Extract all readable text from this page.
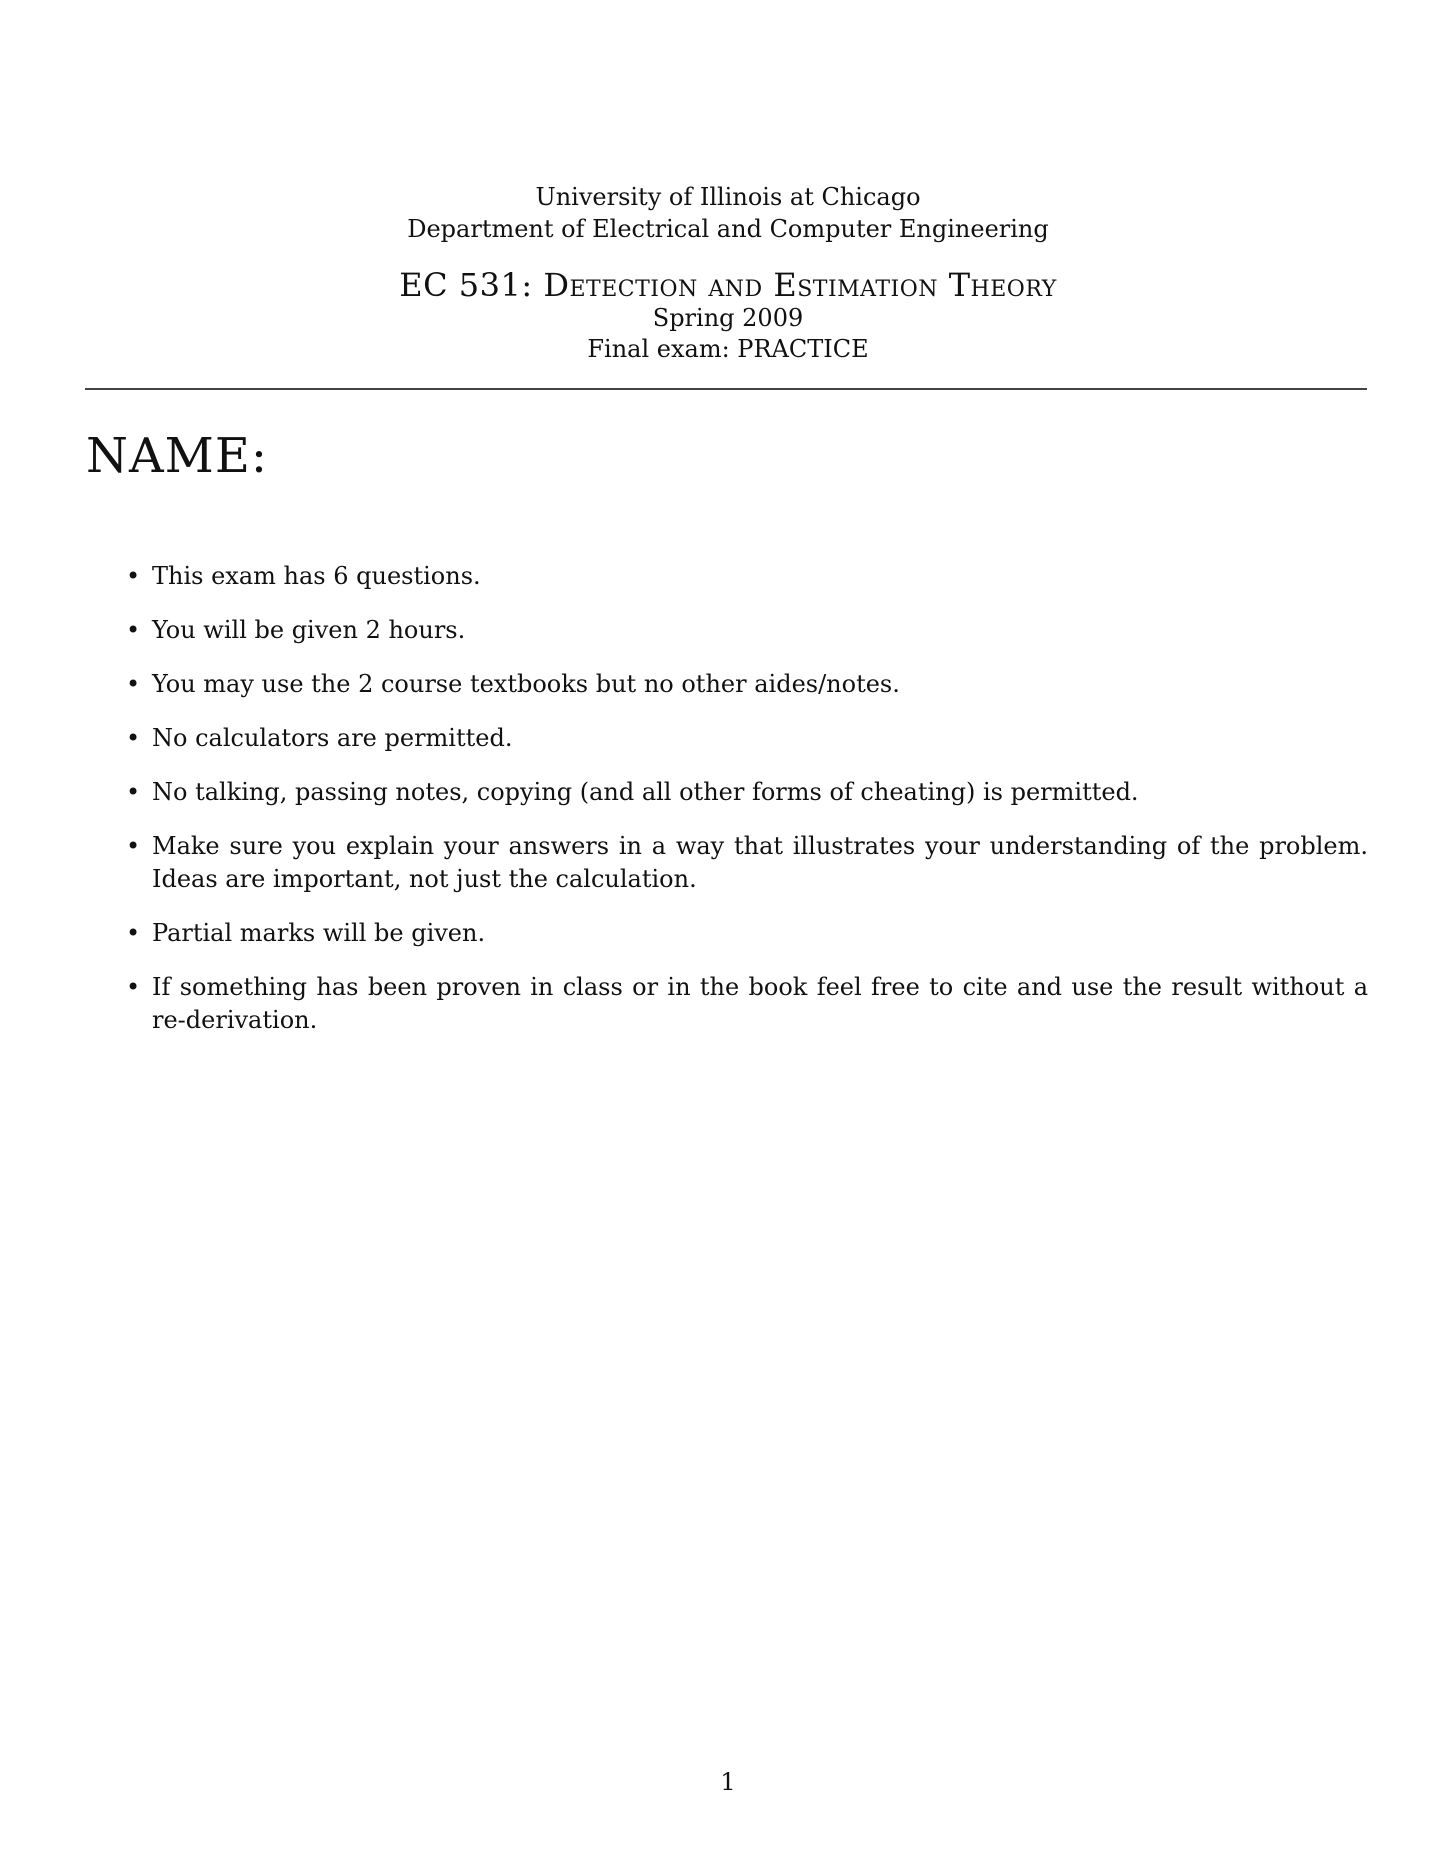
University of Illinois at Chicago
Department of Electrical and Computer Engineering
EC 531: Detection and Estimation Theory
Spring 2009
Final exam: PRACTICE
NAME:
• This exam has 6 questions.
• You will be given 2 hours.
• You may use the 2 course textbooks but no other aides/notes.
• No calculators are permitted.
• No talking, passing notes, copying (and all other forms of cheating) is permitted.
• Make sure you explain your answers in a way that illustrates your understanding of the problem. Ideas are important, not just the calculation.
• Partial marks will be given.
• If something has been proven in class or in the book feel free to cite and use the result without a re-derivation.
1
